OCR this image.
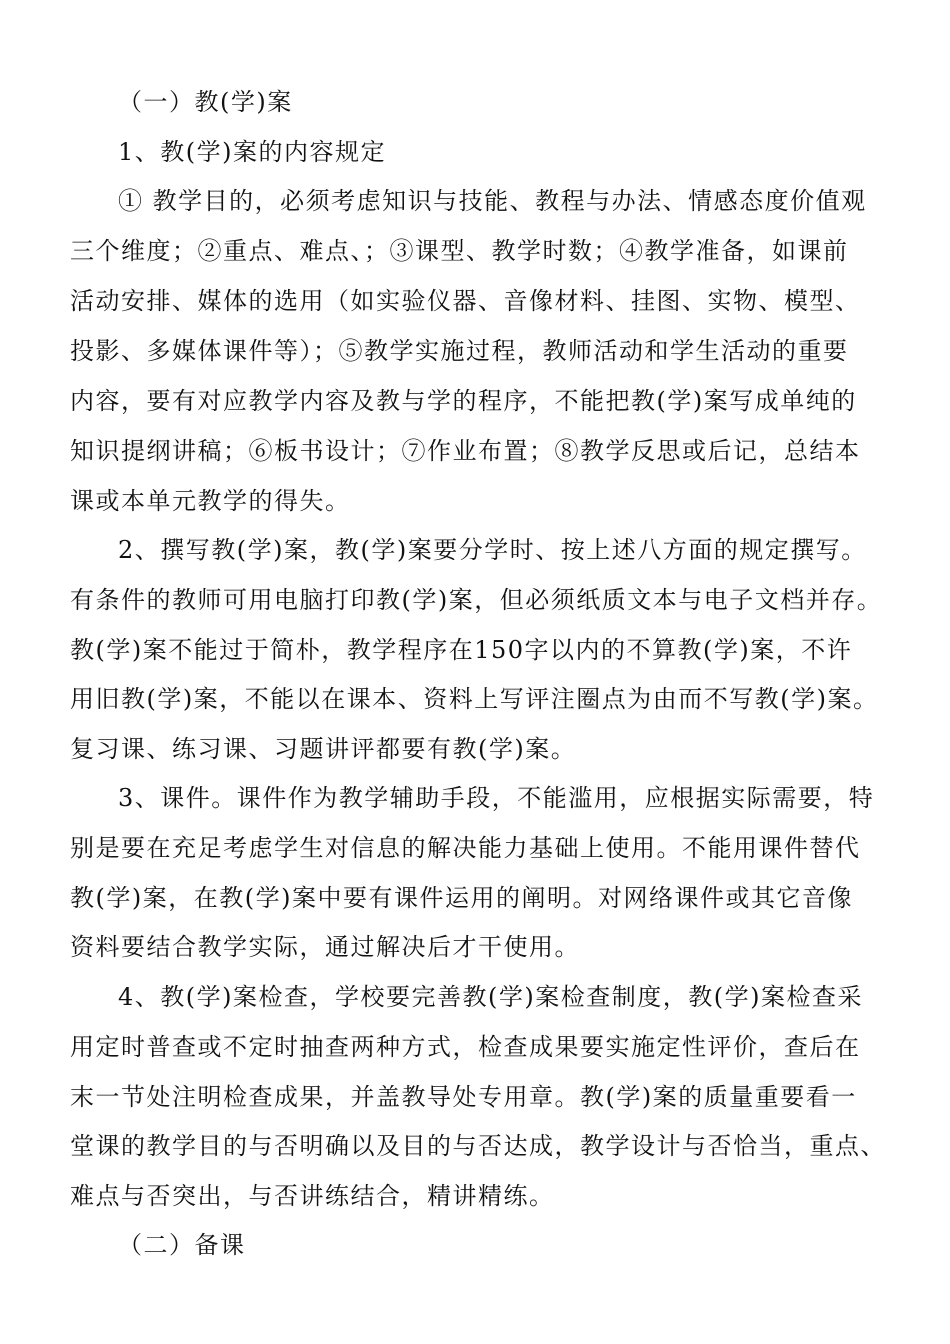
（一）教(学)案
1、教(学)案的内容规定
① 教学目的，必须考虑知识与技能、教程与办法、情感态度价值观
三个维度；②重点、难点、；③课型、教学时数；④教学准备，如课前
活动安排、媒体的选用（如实验仪器、音像材料、挂图、实物、模型、
投影、多媒体课件等）；⑤教学实施过程，教师活动和学生活动的重要
内容，要有对应教学内容及教与学的程序，不能把教(学)案写成单纯的
知识提纲讲稿；⑥板书设计；⑦作业布置；⑧教学反思或后记，总结本
课或本单元教学的得失。
2、撰写教(学)案，教(学)案要分学时、按上述八方面的规定撰写。
有条件的教师可用电脑打印教(学)案，但必须纸质文本与电子文档并存。
教(学)案不能过于简朴，教学程序在150字以内的不算教(学)案，不许
用旧教(学)案，不能以在课本、资料上写评注圈点为由而不写教(学)案。
复习课、练习课、习题讲评都要有教(学)案。
3、课件。课件作为教学辅助手段，不能滥用，应根据实际需要，特
别是要在充足考虑学生对信息的解决能力基础上使用。不能用课件替代
教(学)案，在教(学)案中要有课件运用的阐明。对网络课件或其它音像
资料要结合教学实际，通过解决后才干使用。
4、教(学)案检查，学校要完善教(学)案检查制度，教(学)案检查采
用定时普查或不定时抽查两种方式，检查成果要实施定性评价，查后在
末一节处注明检查成果，并盖教导处专用章。教(学)案的质量重要看一
堂课的教学目的与否明确以及目的与否达成，教学设计与否恰当，重点、
难点与否突出，与否讲练结合，精讲精练。
（二）备课
